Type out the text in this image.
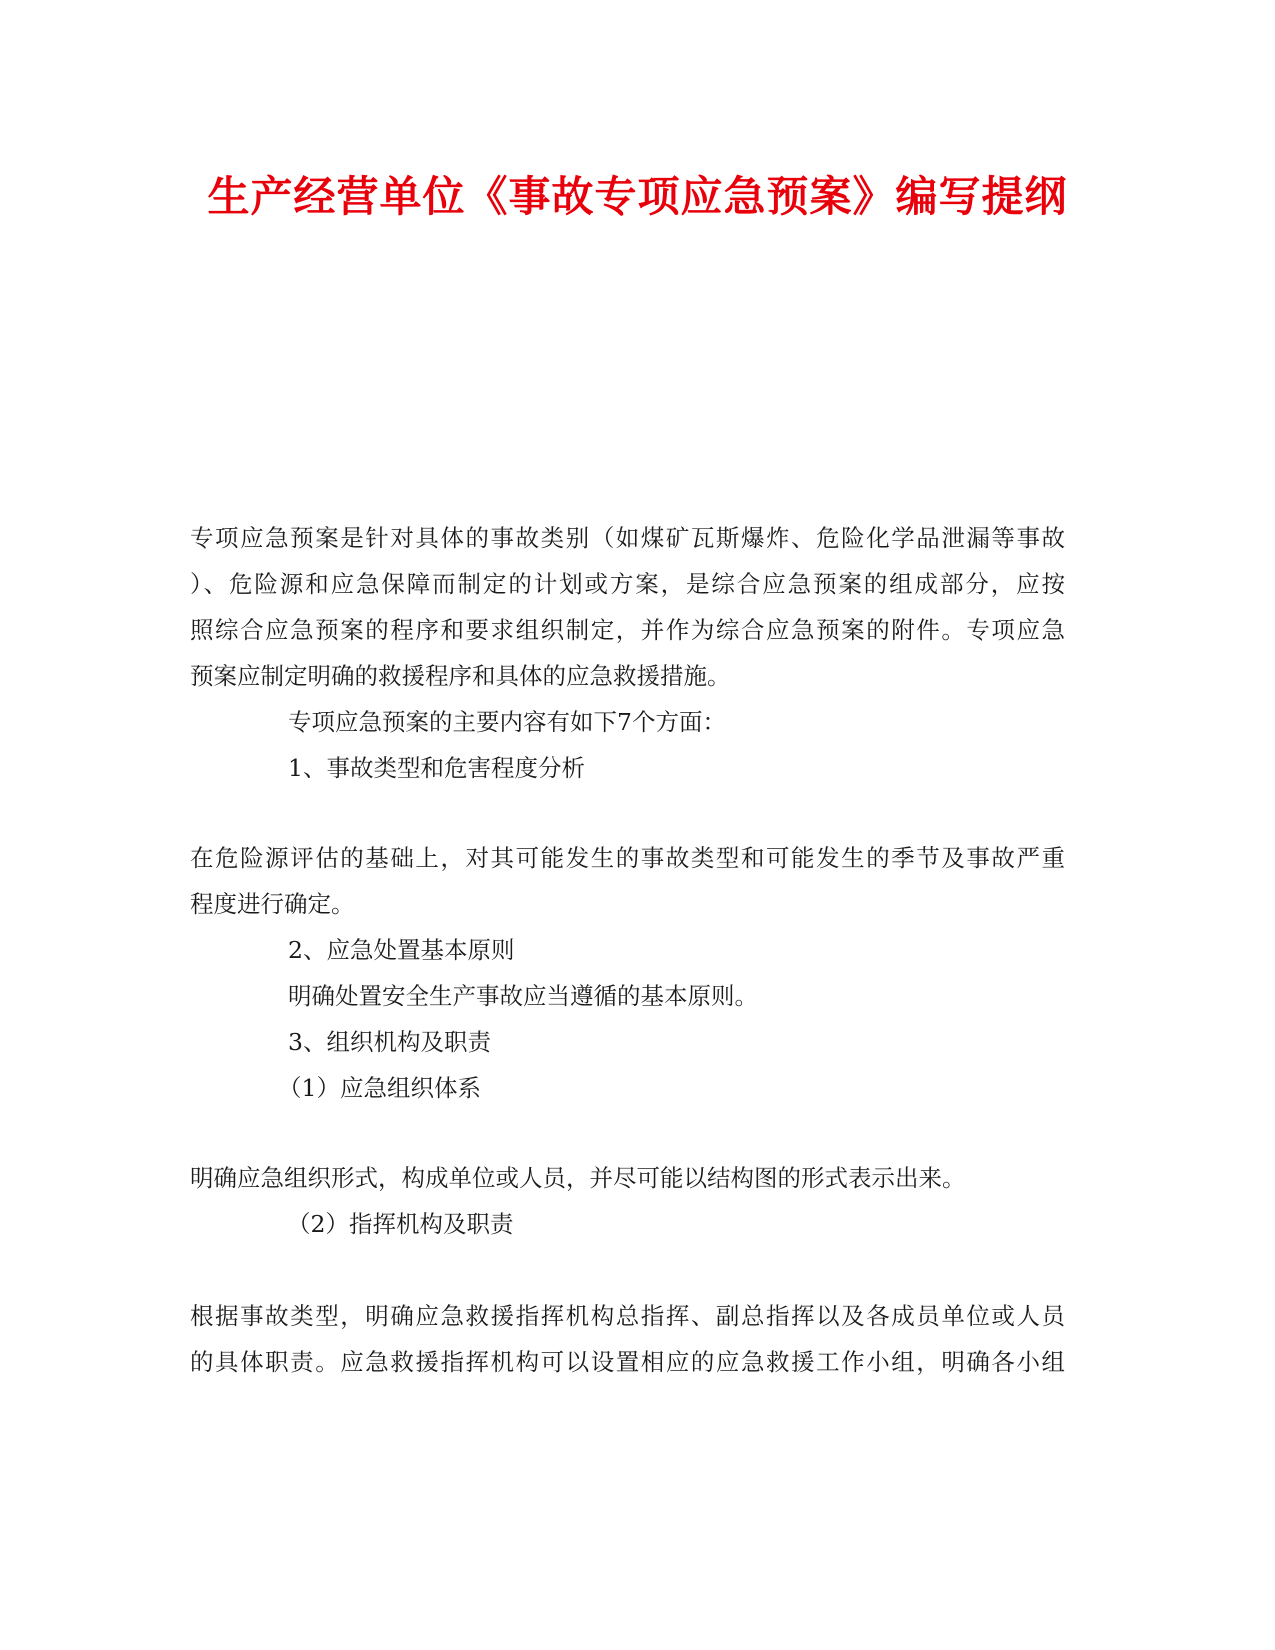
生产经营单位《事故专项应急预案》编写提纲

专项应急预案是针对具体的事故类别（如煤矿瓦斯爆炸、危险化学品泄漏等事故

）、危险源和应急保障而制定的计划或方案，是综合应急预案的组成部分，应按

照综合应急预案的程序和要求组织制定，并作为综合应急预案的附件。专项应急

预案应制定明确的救援程序和具体的应急救援措施。

专项应急预案的主要内容有如下7个方面：

1、事故类型和危害程度分析

在危险源评估的基础上，对其可能发生的事故类型和可能发生的季节及事故严重

程度进行确定。

2、应急处置基本原则

明确处置安全生产事故应当遵循的基本原则。

3、组织机构及职责

（1）应急组织体系

明确应急组织形式，构成单位或人员，并尽可能以结构图的形式表示出来。

（2）指挥机构及职责

根据事故类型，明确应急救援指挥机构总指挥、副总指挥以及各成员单位或人员

的具体职责。应急救援指挥机构可以设置相应的应急救援工作小组，明确各小组
